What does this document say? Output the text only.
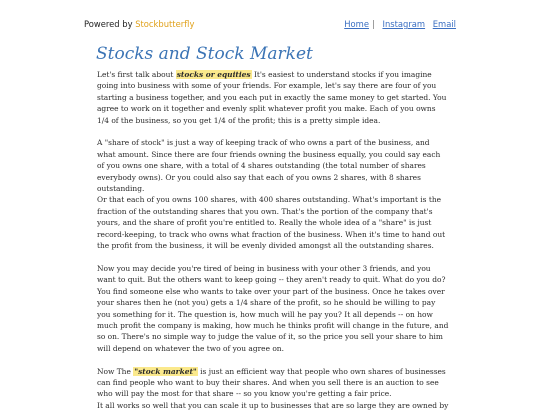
Powered by Stockbutterfly	Home | Instagram Email
Stocks and Stock Market

Let's first talk about stocks or equities It's easiest to understand stocks if you imagine going into business with some of your friends. For example, let's say there are four of you starting a business together, and you each put in exactly the same money to get started. You agree to work on it together and evenly split whatever profit you make. Each of you owns 1/4 of the business, so you get 1/4 of the profit; this is a pretty simple idea.

A "share of stock" is just a way of keeping track of who owns a part of the business, and what amount. Since there are four friends owning the business equally, you could say each of you owns one share, with a total of 4 shares outstanding (the total number of shares everybody owns). Or you could also say that each of you owns 2 shares, with 8 shares outstanding.

Or that each of you owns 100 shares, with 400 shares outstanding. What's important is the fraction of the outstanding shares that you own. That's the portion of the company that's yours, and the share of profit you're entitled to. Really the whole idea of a "share" is just record-keeping, to track who owns what fraction of the business. When it's time to hand out the profit from the business, it will be evenly divided amongst all the outstanding shares.

Now you may decide you're tired of being in business with your other 3 friends, and you want to quit. But the others want to keep going -- they aren't ready to quit. What do you do? You find someone else who wants to take over your part of the business. Once he takes over your shares then he (not you) gets a 1/4 share of the profit, so he should be willing to pay you something for it. The question is, how much will he pay you? It all depends -- on how much profit the company is making, how much he thinks profit will change in the future, and so on. There's no simple way to judge the value of it, so the price you sell your share to him will depend on whatever the two of you agree on.

Now The "stock market" is just an efficient way that people who own shares of businesses can find people who want to buy their shares. And when you sell there is an auction to see who will pay the most for that share -- so you know you're getting a fair price.

It all works so well that you can scale it up to businesses that are so large they are owned by
